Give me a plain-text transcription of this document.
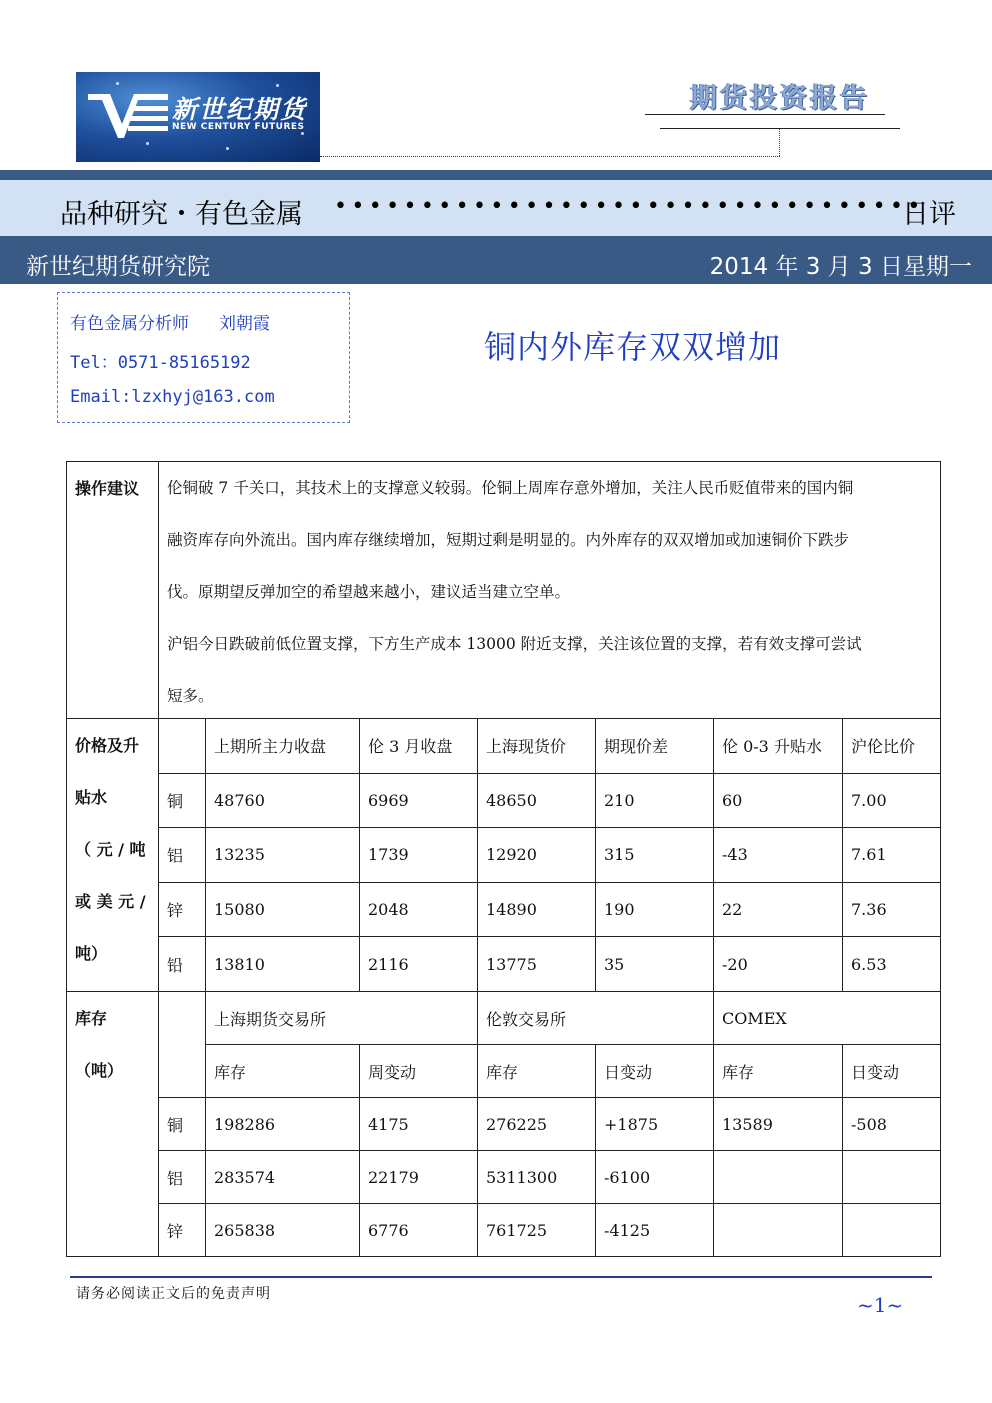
新世纪期货
NEW CENTURY FUTURES
期货投资报告
品种研究・有色金属 ••••••••••••••••••••••••••••••••••
日评
新世纪期货研究院	2014 年 3 月 3 日星期一
有色金属分析师 刘朝霞
Tel：0571-85165192
Email:lzxhyj@163.com
铜内外库存双双增加
操作建议	伦铜破 7 千关口，其技术上的支撑意义较弱。伦铜上周库存意外增加，关注人民币贬值带来的国内铜
融资库存向外流出。国内库存继续增加，短期过剩是明显的。内外库存的双双增加或加速铜价下跌步
伐。原期望反弹加空的希望越来越小，建议适当建立空单。
沪铝今日跌破前低位置支撑，下方生产成本 13000 附近支撑，关注该位置的支撑，若有效支撑可尝试
短多。						

价格及升
贴水
（ 元 / 吨
或 美 元 /
吨）		上期所主力收盘	伦 3 月收盘	上海现货价	期现价差	伦 0-3 升贴水	沪伦比价
	铜	48760	6969	48650	210	60	7.00
	铝	13235	1739	12920	315	-43	7.61
	锌	15080	2048	14890	190	22	7.36
	铅	13810	2116	13775	35	-20	6.53

库存
（吨）		上海期货交易所		伦敦交易所		COMEX	
		库存	周变动	库存	日变动	库存	日变动
	铜	198286	4175	276225	+1875	13589	-508
	铝	283574	22179	5311300	-6100		
	锌	265838	6776	761725	-4125		
请务必阅读正文后的免责声明	~1~
